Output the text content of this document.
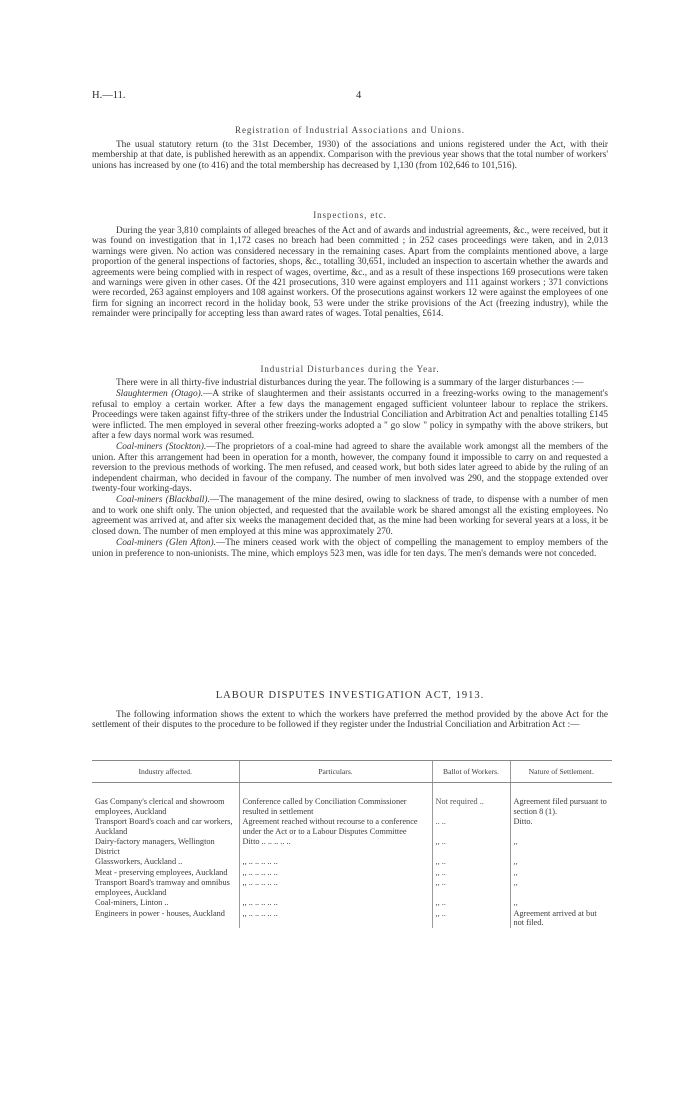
H.—11.	4
Registration of Industrial Associations and Unions.

The usual statutory return (to the 31st December, 1930) of the associations and unions registered under the Act, with their membership at that date, is published herewith as an appendix. Comparison with the previous year shows that the total number of workers' unions has increased by one (to 416) and the total membership has decreased by 1,130 (from 102,646 to 101,516).

Inspections, etc.

During the year 3,810 complaints of alleged breaches of the Act and of awards and industrial agreements, &c., were received, but it was found on investigation that in 1,172 cases no breach had been committed ; in 252 cases proceedings were taken, and in 2,013 warnings were given. No action was considered necessary in the remaining cases. Apart from the complaints mentioned above, a large proportion of the general inspections of factories, shops, &c., totalling 30,651, included an inspection to ascertain whether the awards and agreements were being complied with in respect of wages, overtime, &c., and as a result of these inspections 169 prosecutions were taken and warnings were given in other cases. Of the 421 prosecutions, 310 were against employers and 111 against workers ; 371 convictions were recorded, 263 against employers and 108 against workers. Of the prosecutions against workers 12 were against the employees of one firm for signing an incorrect record in the holiday book, 53 were under the strike provisions of the Act (freezing industry), while the remainder were principally for accepting less than award rates of wages. Total penalties, £614.

Industrial Disturbances during the Year.

There were in all thirty-five industrial disturbances during the year. The following is a summary of the larger disturbances :—

Slaughtermen (Otago).—A strike of slaughtermen and their assistants occurred in a freezing-works owing to the management's refusal to employ a certain worker. After a few days the management engaged sufficient volunteer labour to replace the strikers. Proceedings were taken against fifty-three of the strikers under the Industrial Conciliation and Arbitration Act and penalties totalling £145 were inflicted. The men employed in several other freezing-works adopted a " go slow " policy in sympathy with the above strikers, but after a few days normal work was resumed.

Coal-miners (Stockton).—The proprietors of a coal-mine had agreed to share the available work amongst all the members of the union. After this arrangement had been in operation for a month, however, the company found it impossible to carry on and requested a reversion to the previous methods of working. The men refused, and ceased work, but both sides later agreed to abide by the ruling of an independent chairman, who decided in favour of the company. The number of men involved was 290, and the stoppage extended over twenty-four working-days.

Coal-miners (Blackball).—The management of the mine desired, owing to slackness of trade, to dispense with a number of men and to work one shift only. The union objected, and requested that the available work be shared amongst all the existing employees. No agreement was arrived at, and after six weeks the management decided that, as the mine had been working for several years at a loss, it be closed down. The number of men employed at this mine was approximately 270.

Coal-miners (Glen Afton).—The miners ceased work with the object of compelling the management to employ members of the union in preference to non-unionists. The mine, which employs 523 men, was idle for ten days. The men's demands were not conceded.

LABOUR DISPUTES INVESTIGATION ACT, 1913.

The following information shows the extent to which the workers have preferred the method provided by the above Act for the settlement of their disputes to the procedure to be followed if they register under the Industrial Conciliation and Arbitration Act :—

Industry affected.	Particulars.	Ballot of Workers.	Nature of Settlement.

Gas Company's clerical and showroom employees, Auckland	Conference called by Conciliation Commissioner resulted in settlement	Not required ..	Agreement filed pursuant to section 8 (1).
Transport Board's coach and car workers, Auckland	Agreement reached without recourse to a conference under the Act or to a Labour Disputes Committee	.. ..	Ditto.
Dairy-factory managers, Wellington District	Ditto .. .. .. .. ..	,, ..	,,
Glassworkers, Auckland ..	,, .. .. .. .. ..	,, ..	,,
Meat - preserving employees, Auckland	,, .. .. .. .. ..	,, ..	,,
Transport Board's tramway and omnibus employees, Auckland	,, .. .. .. .. ..	,, ..	,,
Coal-miners, Linton ..	,, .. .. .. .. ..	,, ..	,,
Engineers in power - houses, Auckland	,, .. .. .. .. ..	,, ..	Agreement arrived at but not filed.
